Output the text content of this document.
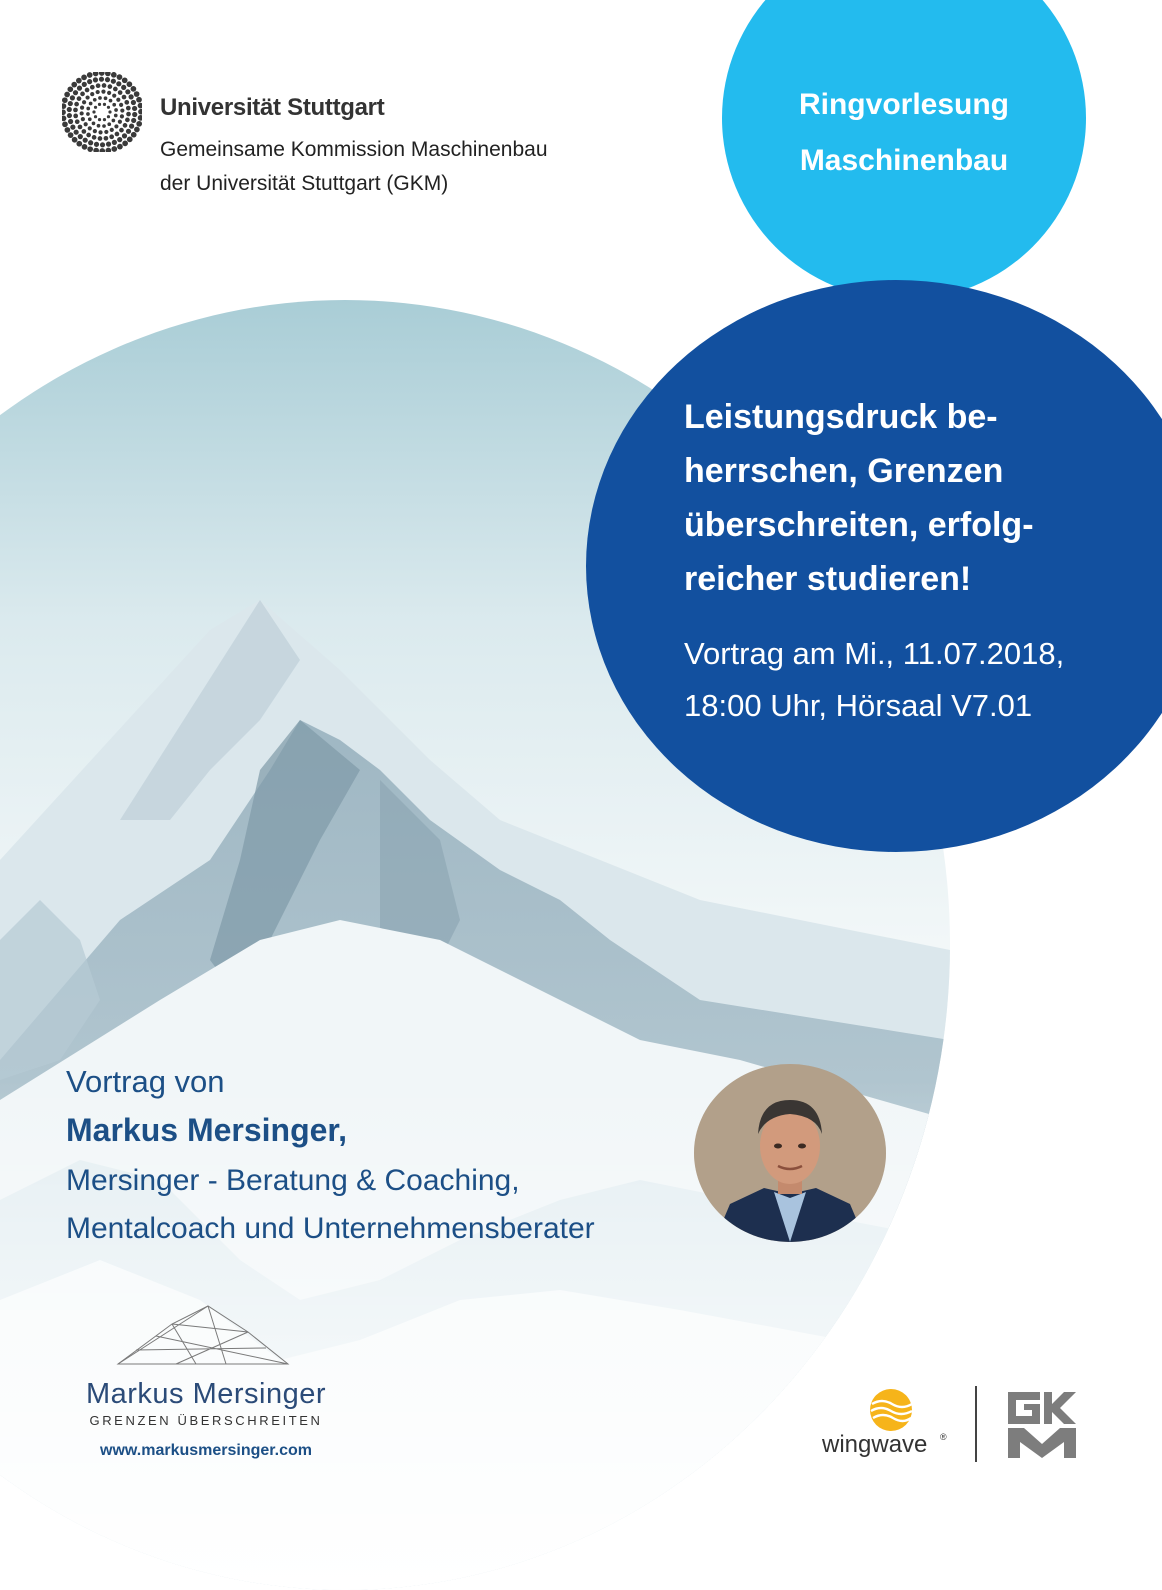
Universität Stuttgart
Gemeinsame Kommission Maschinenbau
der Universität Stuttgart (GKM)
Ringvorlesung
Maschinenbau
Leistungsdruck be-
herrschen, Grenzen
überschreiten, erfolg-
reicher studieren!
Vortrag am Mi., 11.07.2018,
18:00 Uhr, Hörsaal V7.01
Vortrag von
Markus Mersinger,
Mersinger - Beratung & Coaching,
Mentalcoach und Unternehmensberater
Markus Mersinger
GRENZEN ÜBERSCHREITEN
www.markusmersinger.com	wingwave ®
